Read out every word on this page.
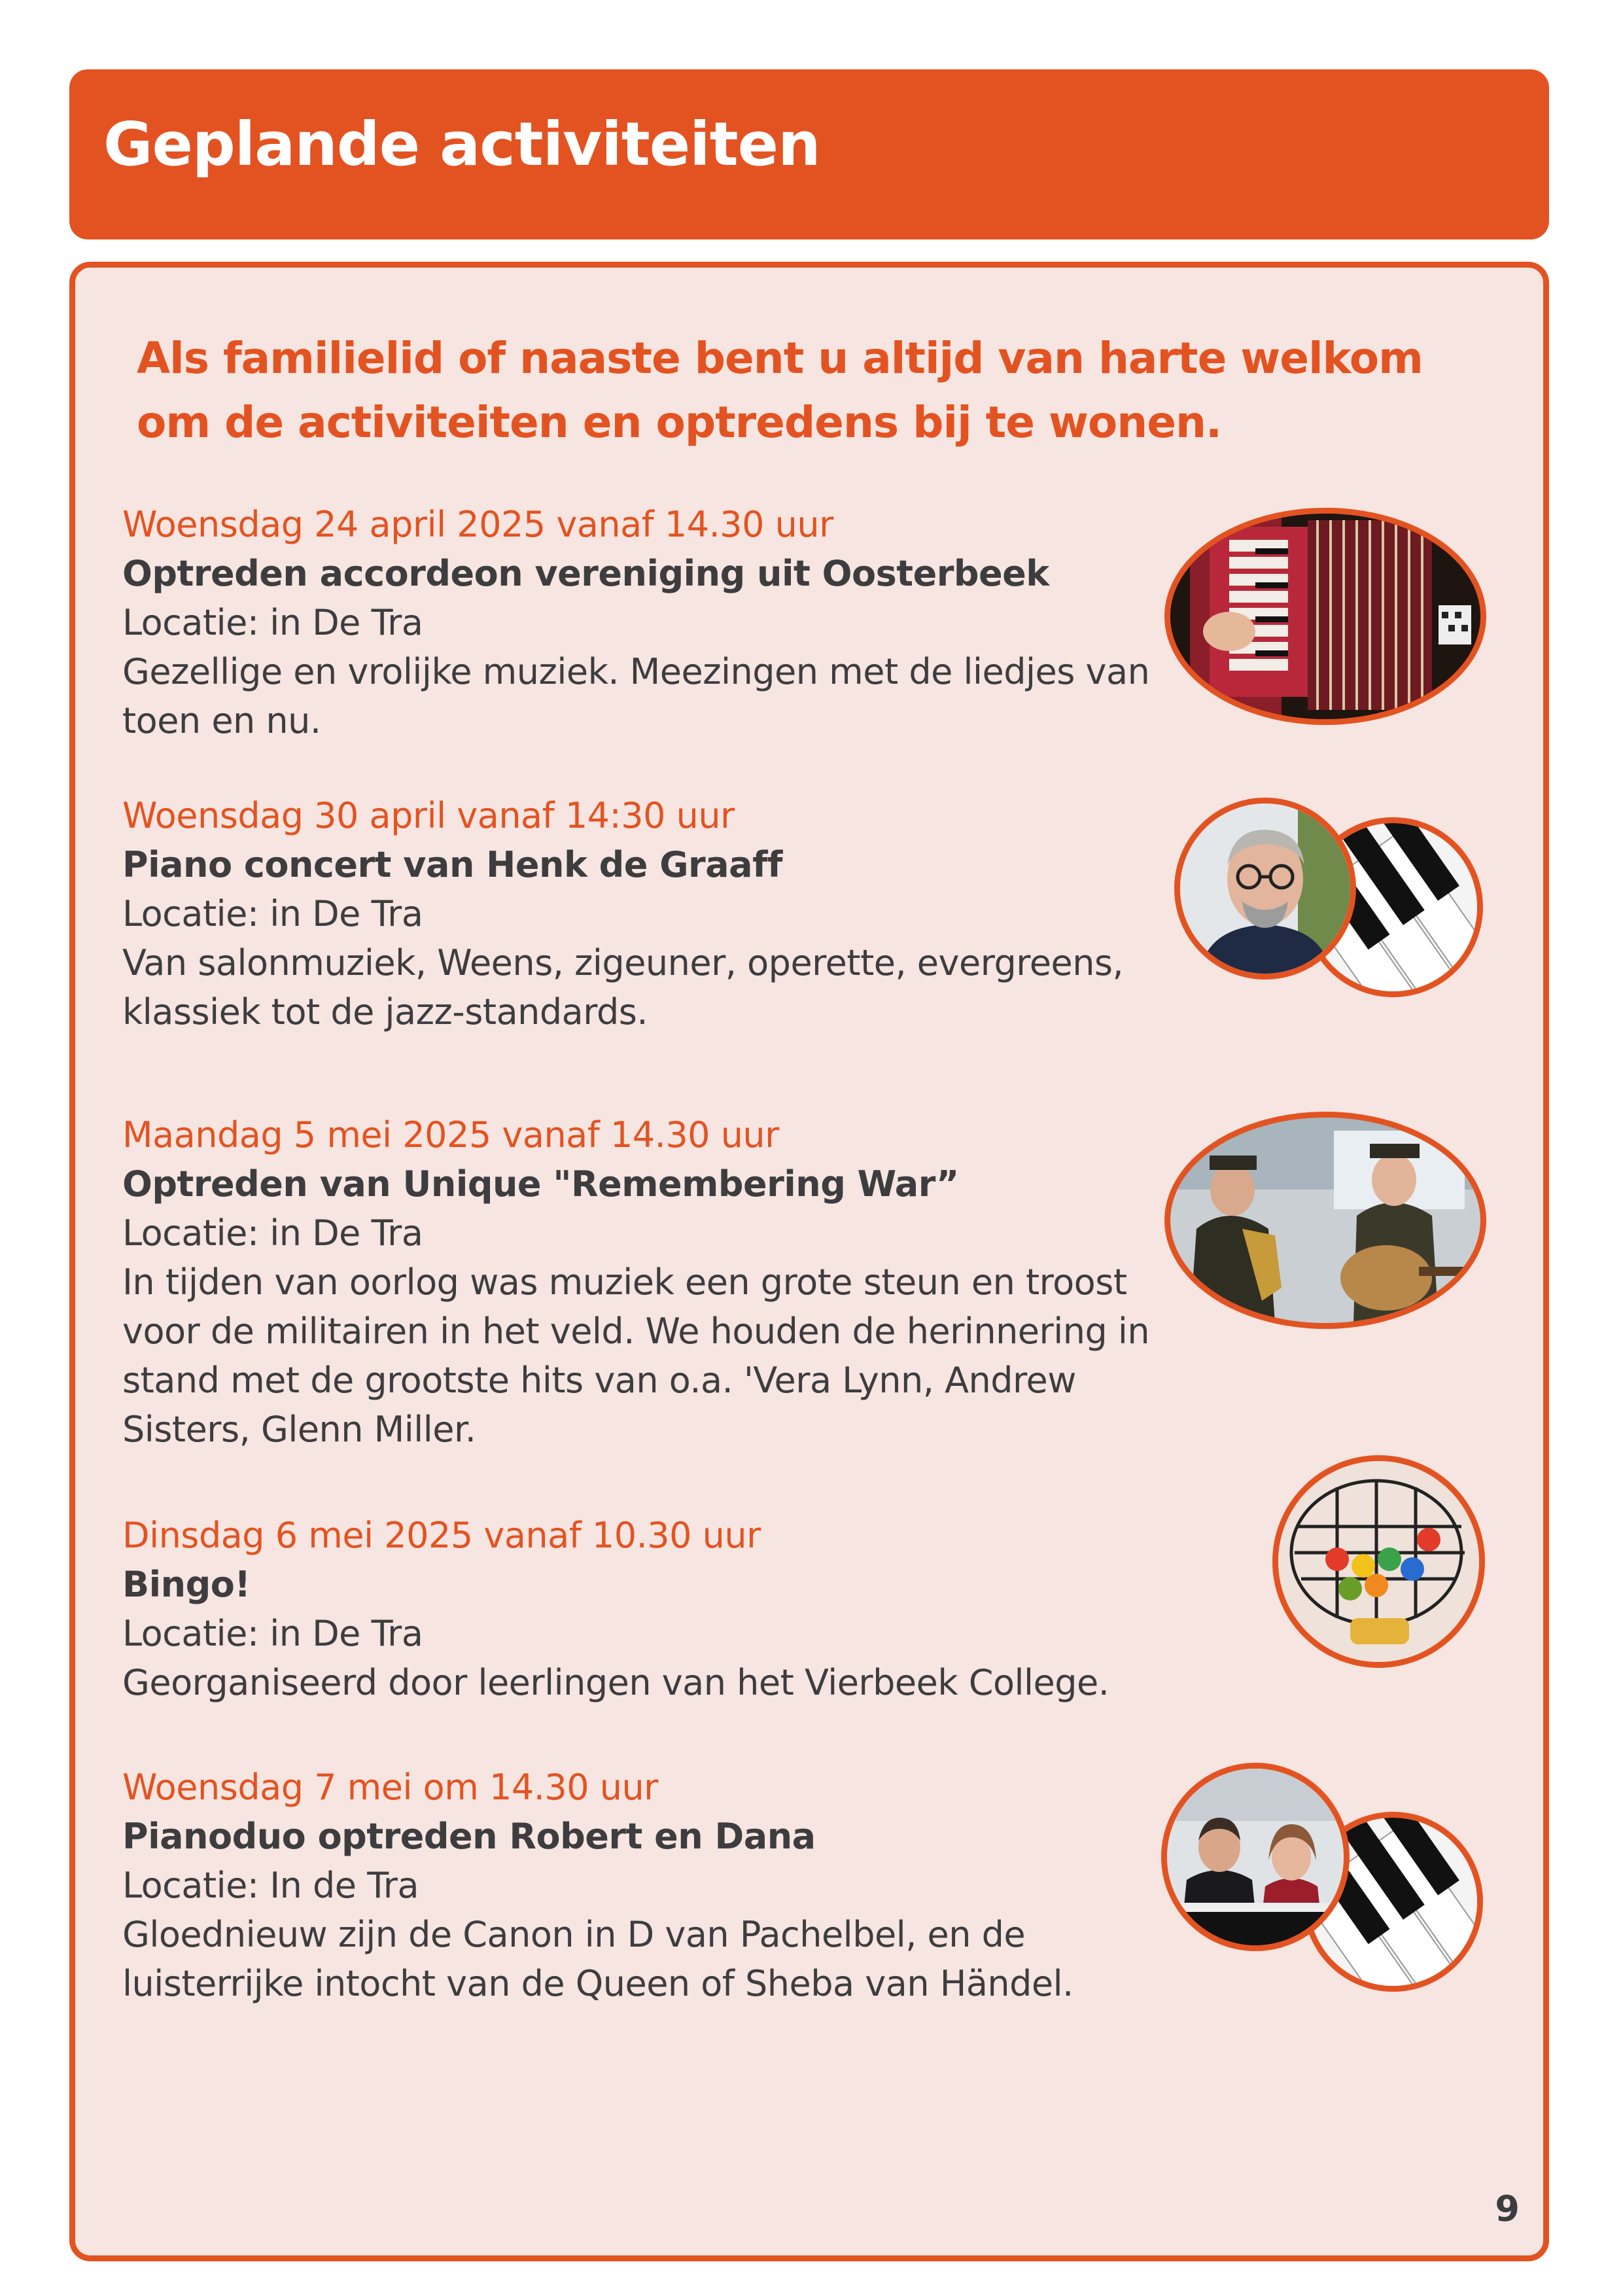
Geplande activiteiten

Als familielid of naaste bent u altijd van harte welkom om de activiteiten en optredens bij te wonen.

Woensdag 24 april 2025 vanaf 14.30 uur

Optreden accordeon vereniging uit Oosterbeek

Locatie: in De Tra

Gezellige en vrolijke muziek. Meezingen met de liedjes van toen en nu.

Woensdag 30 april vanaf 14:30 uur

Piano concert van Henk de Graaff

Locatie: in De Tra

Van salonmuziek, Weens, zigeuner, operette, evergreens, klassiek tot de jazz-standards.

Maandag 5 mei 2025 vanaf 14.30 uur

Optreden van Unique "Remembering War”

Locatie: in De Tra

In tijden van oorlog was muziek een grote steun en troost voor de militairen in het veld. We houden de herinnering in stand met de grootste hits van o.a. 'Vera Lynn, Andrew Sisters, Glenn Miller.

Dinsdag 6 mei 2025 vanaf 10.30 uur

Bingo!

Locatie: in De Tra

Georganiseerd door leerlingen van het Vierbeek College.

Woensdag 7 mei om 14.30 uur

Pianoduo optreden Robert en Dana

Locatie: In de Tra

Gloednieuw zijn de Canon in D van Pachelbel, en de luisterrijke intocht van de Queen of Sheba van Händel.

9
